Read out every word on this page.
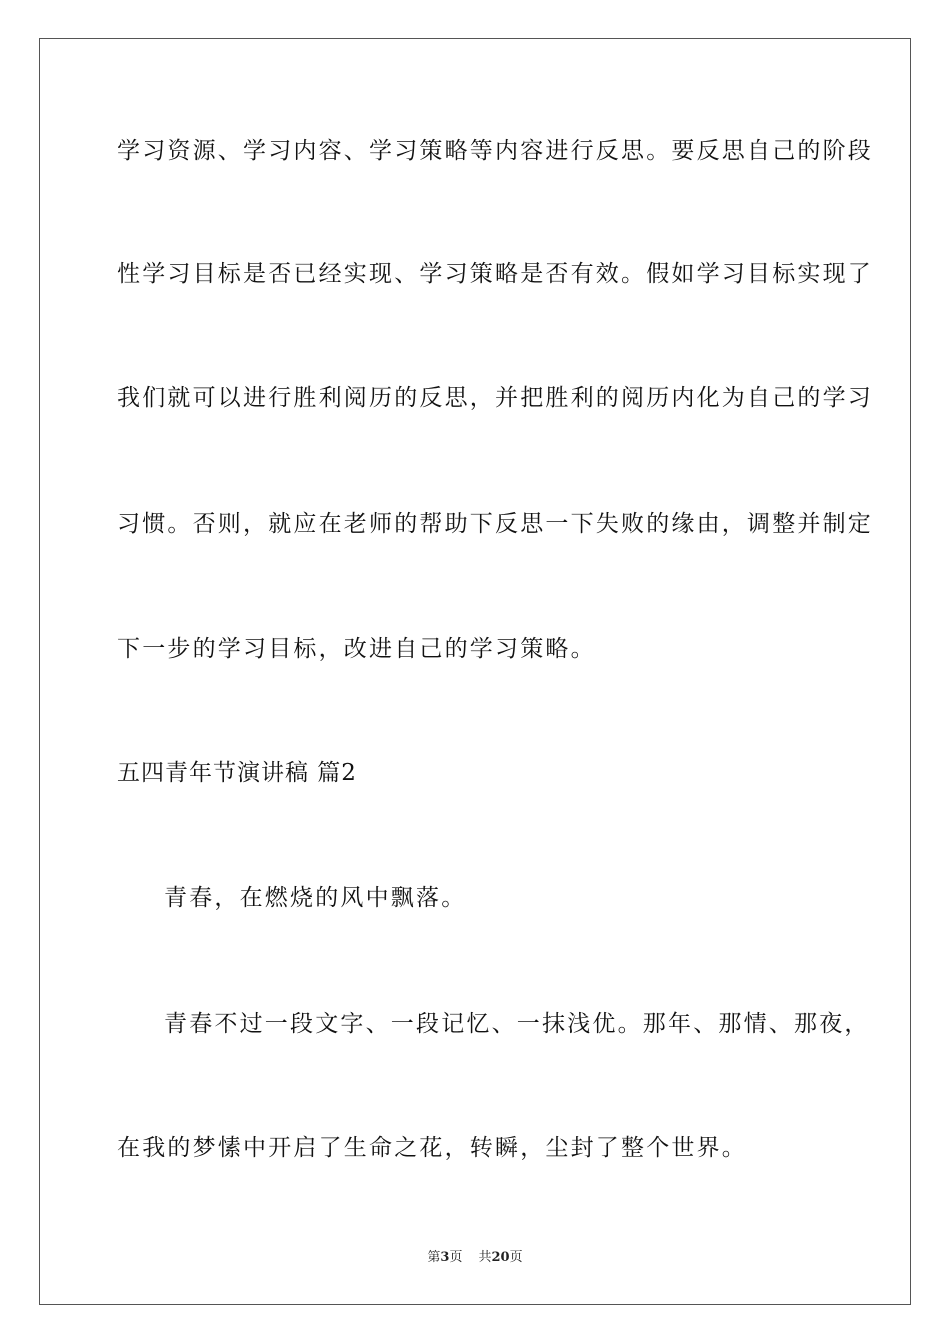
学习资源、学习内容、学习策略等内容进行反思。要反思自己的阶段
性学习目标是否已经实现、学习策略是否有效。假如学习目标实现了
我们就可以进行胜利阅历的反思，并把胜利的阅历内化为自己的学习
习惯。否则，就应在老师的帮助下反思一下失败的缘由，调整并制定
下一步的学习目标，改进自己的学习策略。
五四青年节演讲稿 篇2
青春，在燃烧的风中飘落。
青春不过一段文字、一段记忆、一抹浅优。那年、那情、那夜，
在我的梦愫中开启了生命之花，转瞬，尘封了整个世界。
第3页 共20页
